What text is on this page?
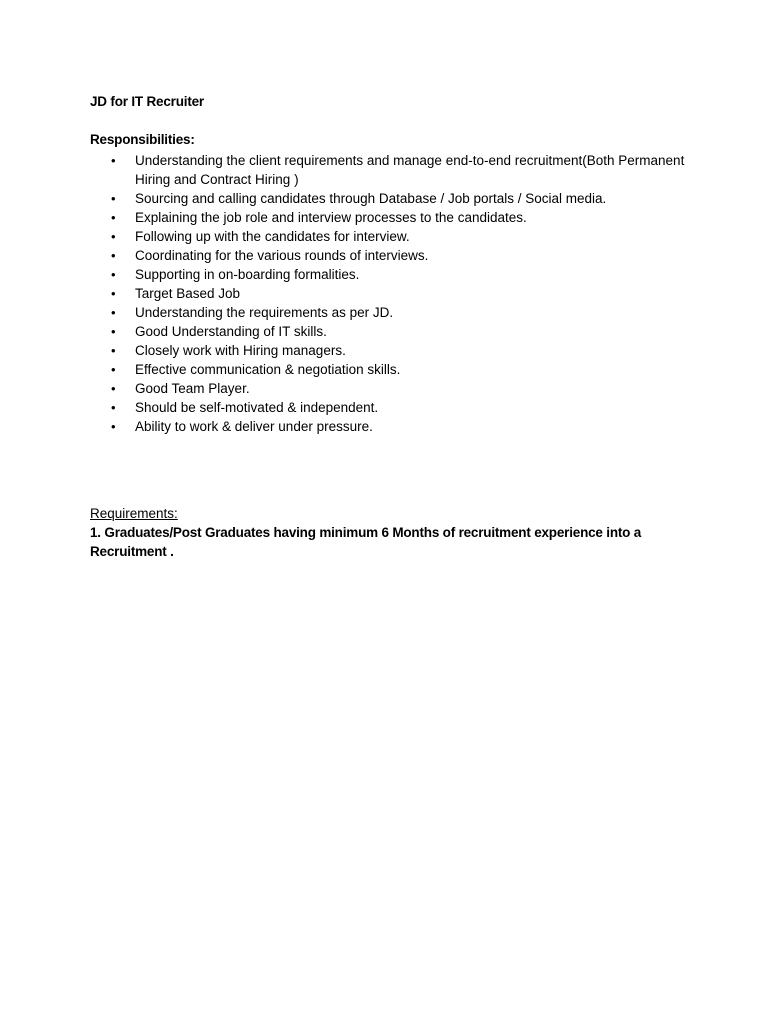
JD for IT Recruiter
Responsibilities:
• Understanding the client requirements and manage end-to-end recruitment(Both Permanent Hiring and Contract Hiring )
• Sourcing and calling candidates through Database / Job portals / Social media.
• Explaining the job role and interview processes to the candidates.
• Following up with the candidates for interview.
• Coordinating for the various rounds of interviews.
• Supporting in on-boarding formalities.
• Target Based Job
• Understanding the requirements as per JD.
• Good Understanding of IT skills.
• Closely work with Hiring managers.
• Effective communication & negotiation skills.
• Good Team Player.
• Should be self-motivated & independent.
• Ability to work & deliver under pressure.
Requirements:
1. Graduates/Post Graduates having minimum 6 Months of recruitment experience into a Recruitment .
